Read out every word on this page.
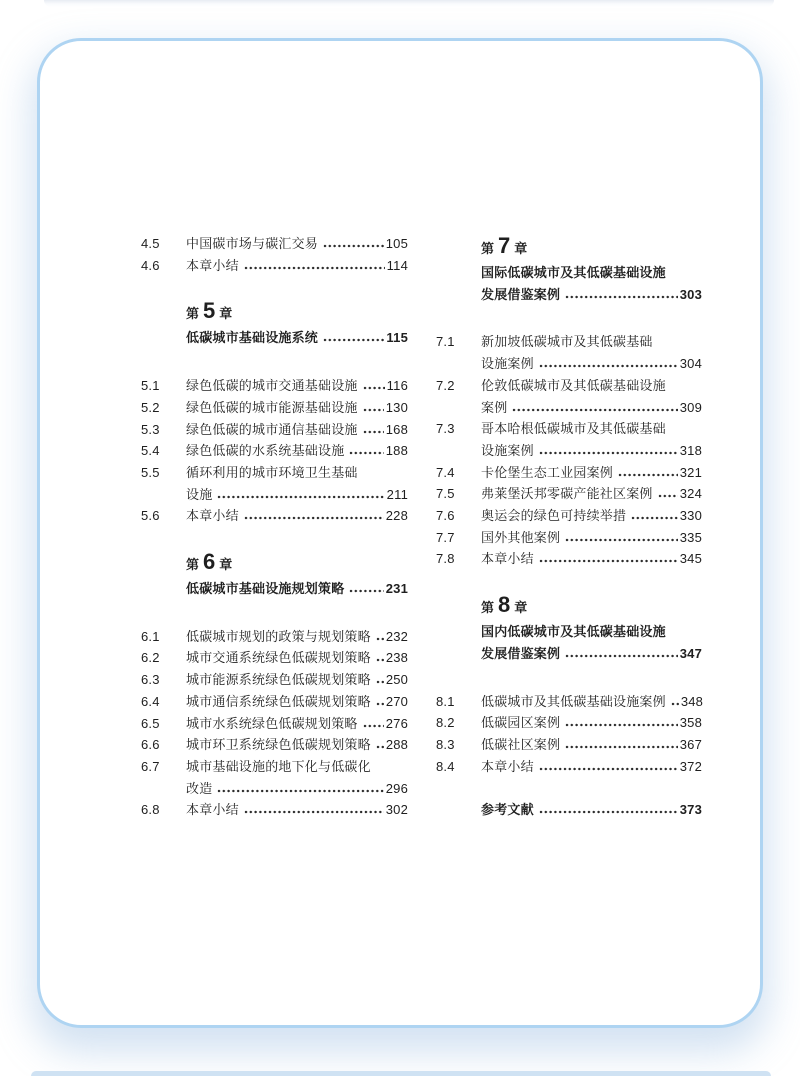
4.5	中国碳市场与碳汇交易	105
4.6	本章小结	114
第 5 章
低碳城市基础设施系统	115
5.1	绿色低碳的城市交通基础设施 116
5.2	绿色低碳的城市能源基础设施 130
5.3	绿色低碳的城市通信基础设施 168
5.4	绿色低碳的水系统基础设施	188
5.5	循环利用的城市环境卫生基础
设施	211
5.6	本章小结	228
第 6 章
低碳城市基础设施规划策略	231
6.1	低碳城市规划的政策与规划策略 232
6.2	城市交通系统绿色低碳规划策略 238
6.3	城市能源系统绿色低碳规划策略 250
6.4	城市通信系统绿色低碳规划策略 270
6.5	城市水系统绿色低碳规划策略 276
6.6	城市环卫系统绿色低碳规划策略 288
6.7	城市基础设施的地下化与低碳化
改造	296
6.8	本章小结	302
第 7 章
国际低碳城市及其低碳基础设施
发展借鉴案例	303
7.1	新加坡低碳城市及其低碳基础
设施案例	304
7.2	伦敦低碳城市及其低碳基础设施
案例	309
7.3	哥本哈根低碳城市及其低碳基础
设施案例	318
7.4	卡伦堡生态工业园案例	321
7.5	弗莱堡沃邦零碳产能社区案例 324
7.6	奥运会的绿色可持续举措	330
7.7	国外其他案例	335
7.8	本章小结	345
第 8 章
国内低碳城市及其低碳基础设施
发展借鉴案例	347
8.1	低碳城市及其低碳基础设施案例 348
8.2	低碳园区案例	358
8.3	低碳社区案例	367
8.4	本章小结	372
参考文献	373
